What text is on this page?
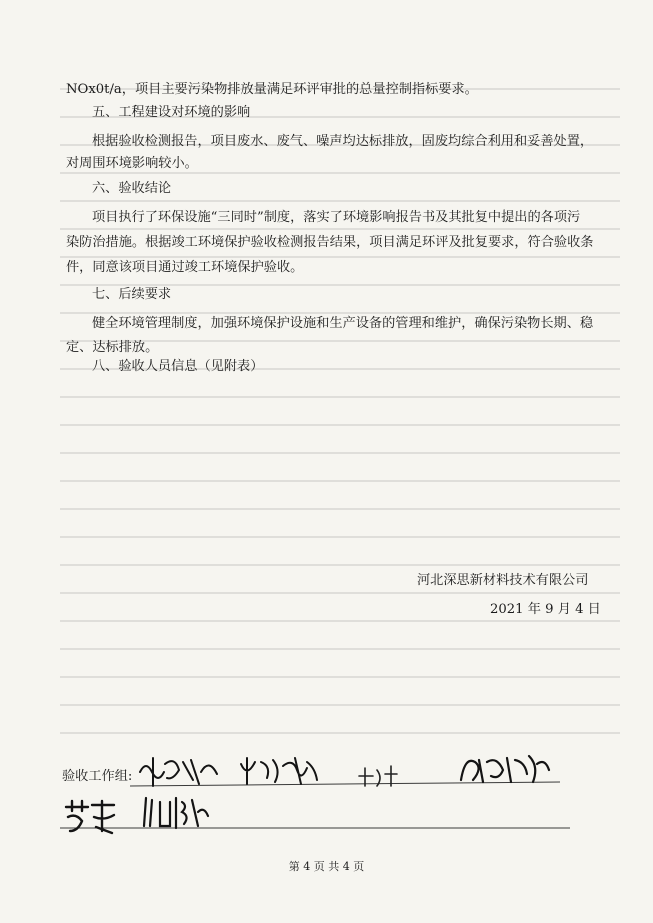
NOx0t/a，项目主要污染物排放量满足环评审批的总量控制指标要求。
五、工程建设对环境的影响
根据验收检测报告，项目废水、废气、噪声均达标排放，固废均综合利用和妥善处置，
对周围环境影响较小。
六、验收结论
项目执行了环保设施“三同时”制度，落实了环境影响报告书及其批复中提出的各项污
染防治措施。根据竣工环境保护验收检测报告结果，项目满足环评及批复要求，符合验收条
件，同意该项目通过竣工环境保护验收。
七、后续要求
健全环境管理制度，加强环境保护设施和生产设备的管理和维护，确保污染物长期、稳
定、达标排放。
八、验收人员信息（见附表）
河北深思新材料技术有限公司
2021 年 9 月 4 日
验收工作组:
第 4 页 共 4 页
